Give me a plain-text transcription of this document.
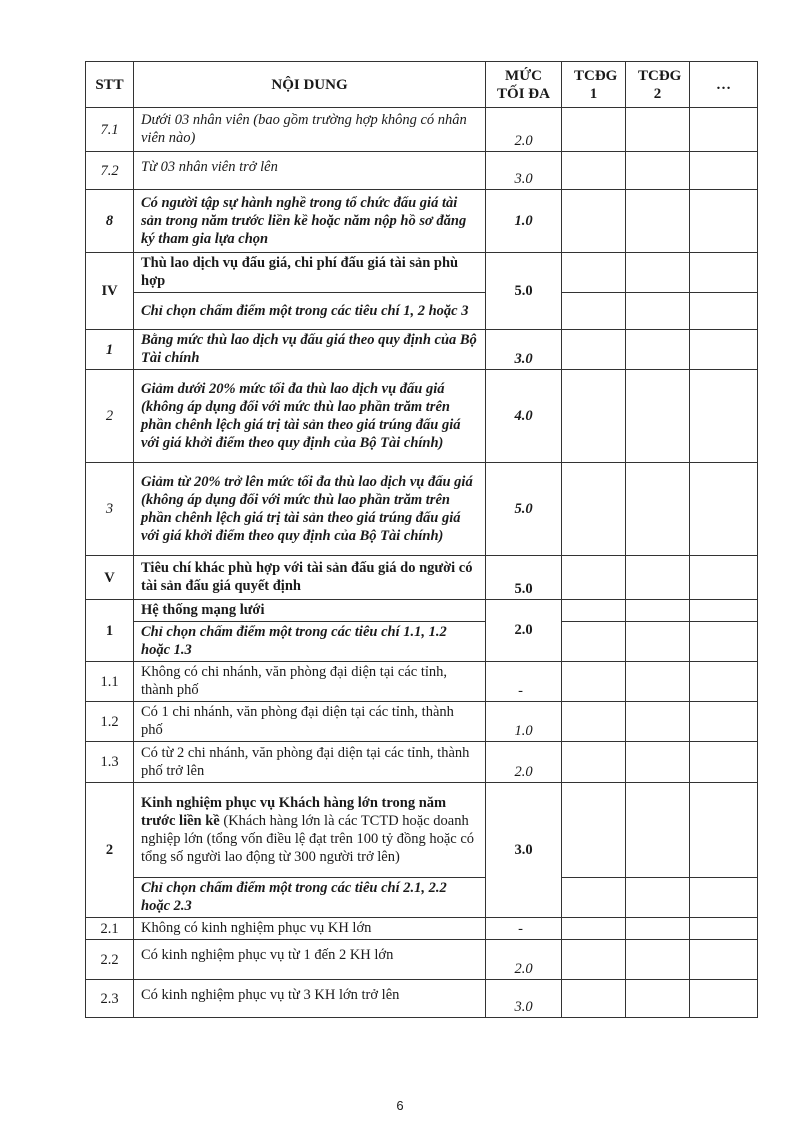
STT	NỘI DUNG	MỨC TỐI ĐA	TCĐG 1	TCĐG 2	…
7.1	Dưới 03 nhân viên (bao gồm trường hợp không có nhân viên nào)	2.0			
7.2	Từ 03 nhân viên trở lên	3.0			
8	Có người tập sự hành nghề trong tổ chức đấu giá tài sản trong năm trước liền kề hoặc năm nộp hồ sơ đăng ký tham gia lựa chọn	1.0			
IV	Thù lao dịch vụ đấu giá, chi phí đấu giá tài sản phù hợp	5.0			
	Chỉ chọn chấm điểm một trong các tiêu chí 1, 2 hoặc 3				
1	Bằng mức thù lao dịch vụ đấu giá theo quy định của Bộ Tài chính	3.0			
2	Giảm dưới 20% mức tối đa thù lao dịch vụ đấu giá (không áp dụng đối với mức thù lao phần trăm trên phần chênh lệch giá trị tài sản theo giá trúng đấu giá với giá khởi điểm theo quy định của Bộ Tài chính)	4.0			
3	Giảm từ 20% trở lên mức tối đa thù lao dịch vụ đấu giá (không áp dụng đối với mức thù lao phần trăm trên phần chênh lệch giá trị tài sản theo giá trúng đấu giá với giá khởi điểm theo quy định của Bộ Tài chính)	5.0			
V	Tiêu chí khác phù hợp với tài sản đấu giá do người có tài sản đấu giá quyết định	5.0			
1	Hệ thống mạng lưới	2.0			
	Chỉ chọn chấm điểm một trong các tiêu chí 1.1, 1.2 hoặc 1.3				
1.1	Không có chi nhánh, văn phòng đại diện tại các tỉnh, thành phố	-			
1.2	Có 1 chi nhánh, văn phòng đại diện tại các tỉnh, thành phố	1.0			
1.3	Có từ 2 chi nhánh, văn phòng đại diện tại các tỉnh, thành phố trở lên	2.0			
2	Kinh nghiệm phục vụ Khách hàng lớn trong năm trước liền kề (Khách hàng lớn là các TCTD hoặc doanh nghiệp lớn (tổng vốn điều lệ đạt trên 100 tỷ đồng hoặc có tổng số người lao động từ 300 người trở lên)	3.0			
	Chỉ chọn chấm điểm một trong các tiêu chí 2.1, 2.2 hoặc 2.3				
2.1	Không có kinh nghiệm phục vụ KH lớn	-			
2.2	Có kinh nghiệm phục vụ từ 1 đến 2 KH lớn	2.0			
2.3	Có kinh nghiệm phục vụ từ 3 KH lớn trở lên	3.0			
6
